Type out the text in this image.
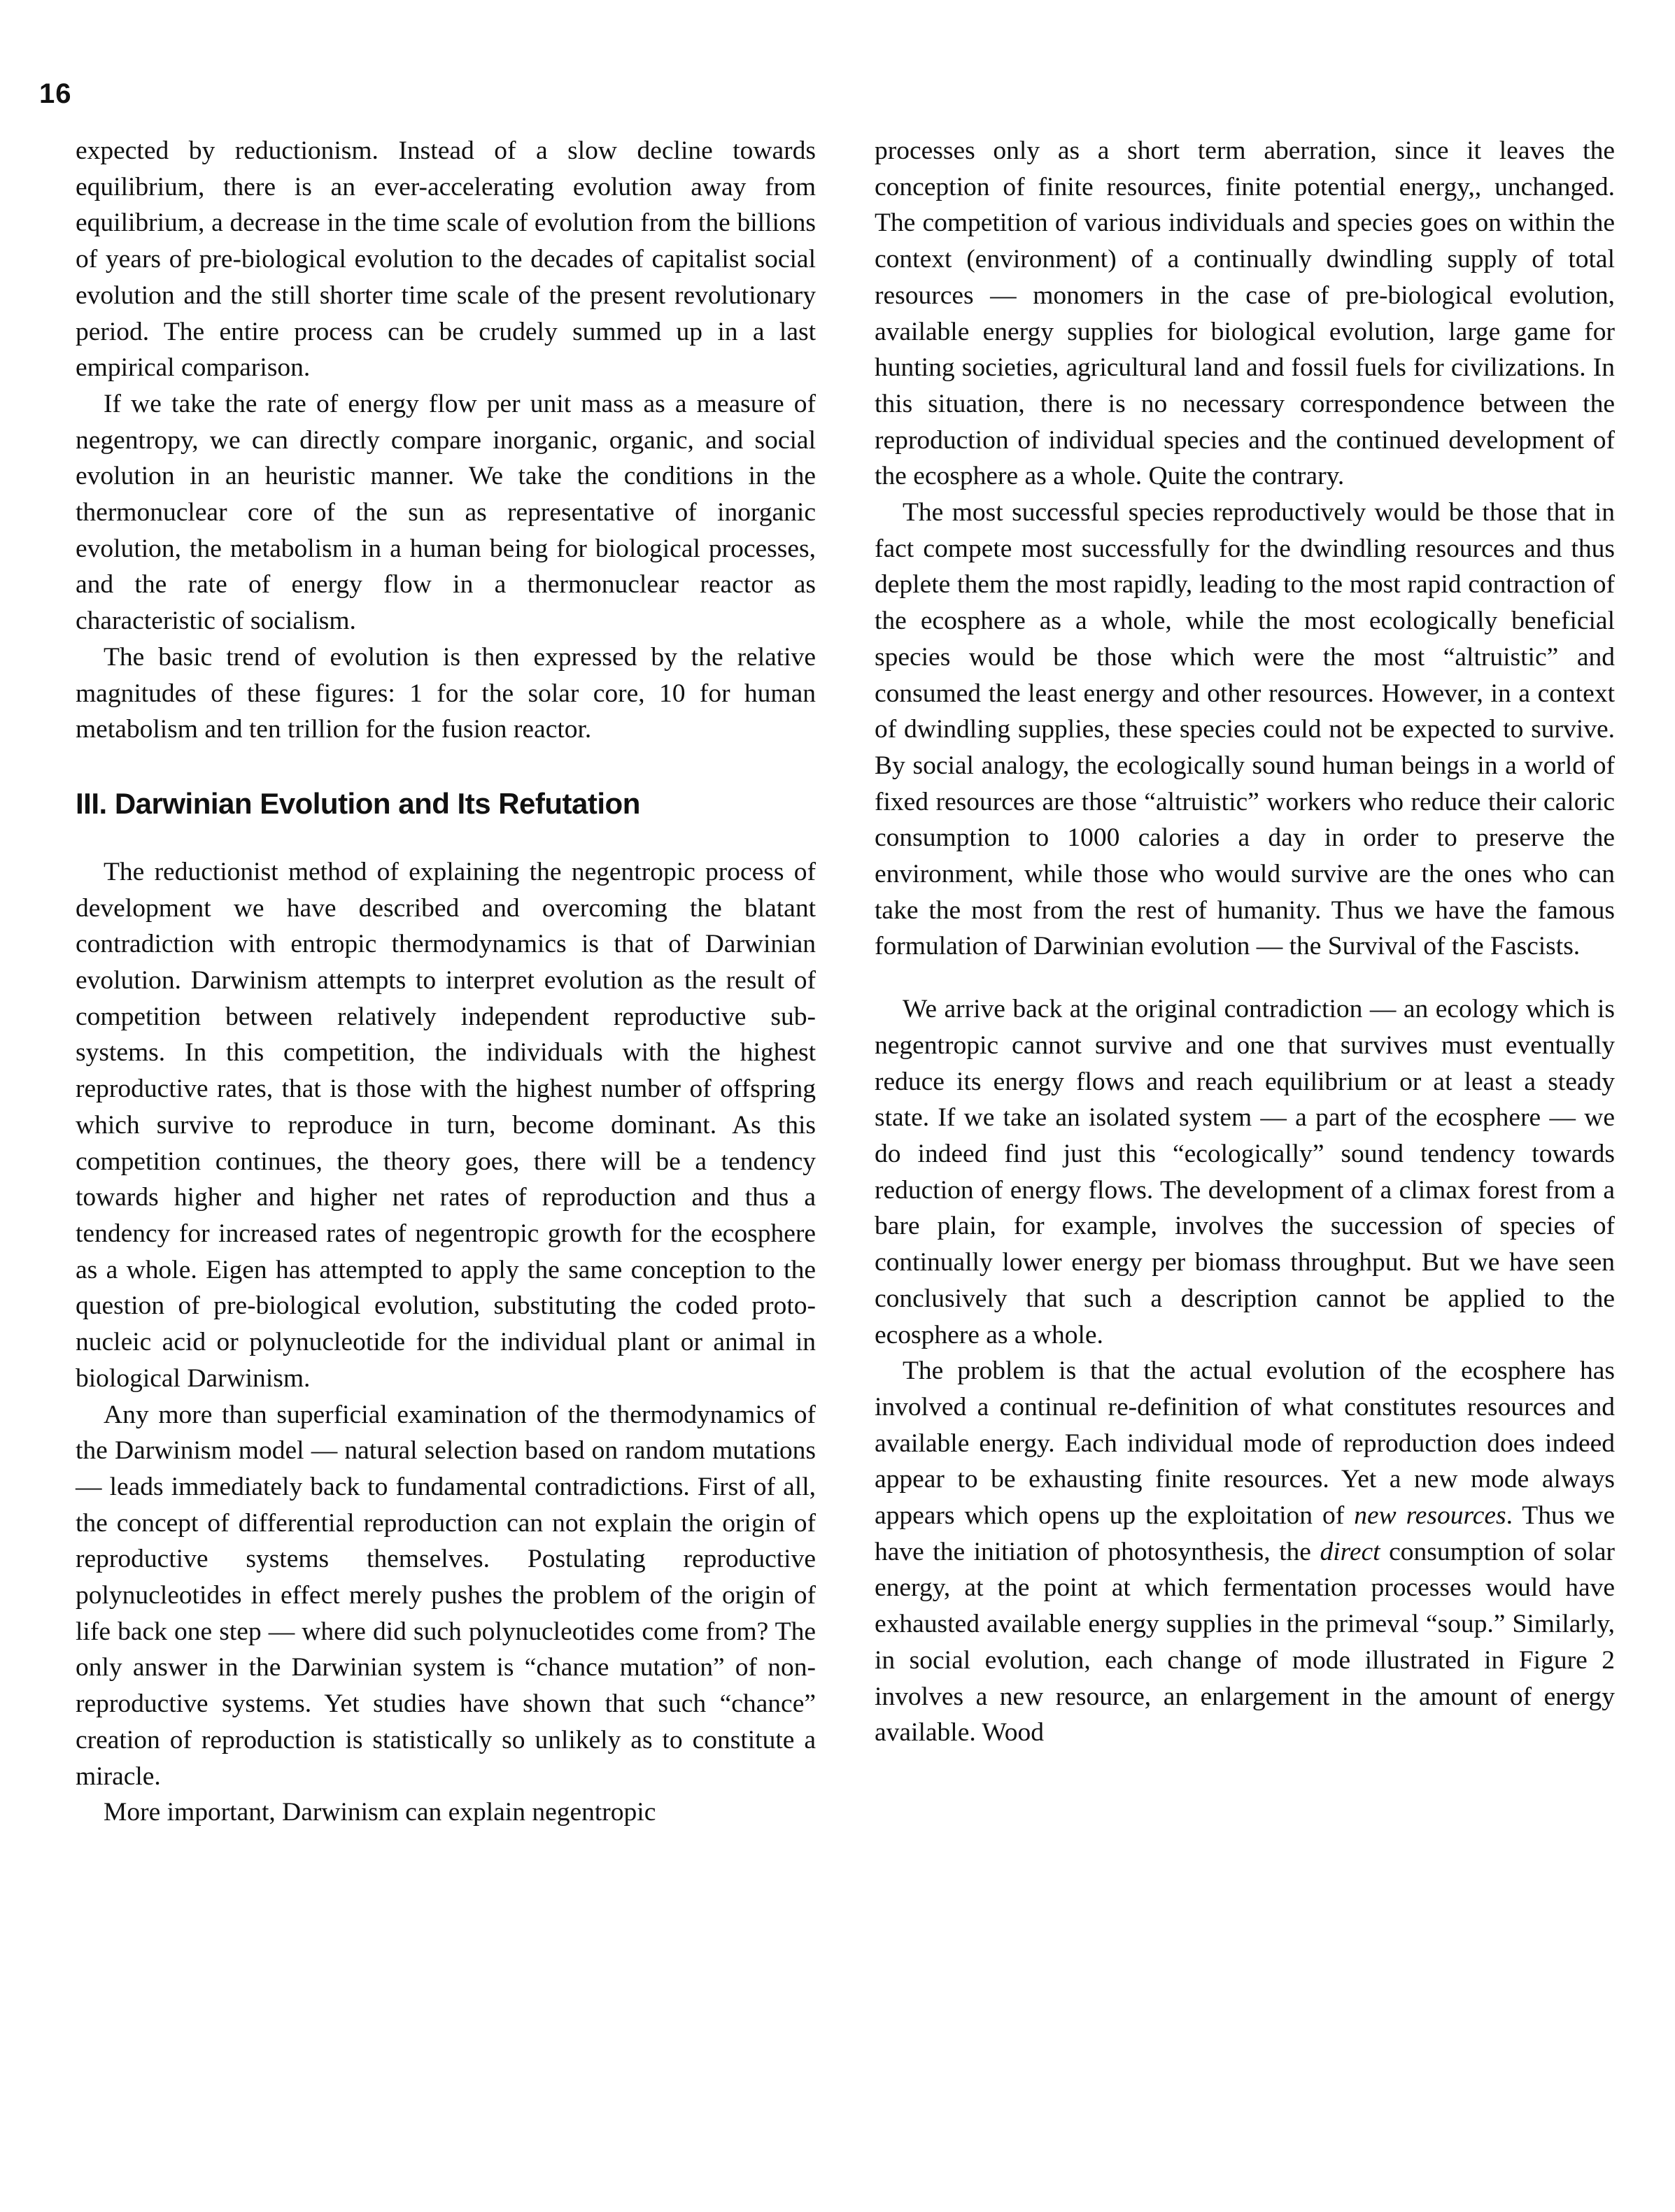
16

expected by reductionism. Instead of a slow decline towards equilibrium, there is an ever-accelerating evolution away from equilibrium, a decrease in the time scale of evolution from the billions of years of pre-biological evolution to the decades of capitalist social evolution and the still shorter time scale of the present revolutionary period. The entire process can be crudely summed up in a last empirical comparison.

If we take the rate of energy flow per unit mass as a measure of negentropy, we can directly compare inorganic, organic, and social evolution in an heuristic manner. We take the conditions in the thermonuclear core of the sun as representative of inorganic evolution, the metabolism in a human being for biological processes, and the rate of energy flow in a thermonuclear reactor as characteristic of socialism.

The basic trend of evolution is then expressed by the relative magnitudes of these figures: 1 for the solar core, 10 for human metabolism and ten trillion for the fusion reactor.

III. Darwinian Evolution and Its Refutation

The reductionist method of explaining the negentropic process of development we have described and overcoming the blatant contradiction with entropic thermodynamics is that of Darwinian evolution. Darwinism attempts to interpret evolution as the result of competition between relatively independent reproductive sub-systems. In this competition, the individuals with the highest reproductive rates, that is those with the highest number of offspring which survive to reproduce in turn, become dominant. As this competition continues, the theory goes, there will be a tendency towards higher and higher net rates of reproduction and thus a tendency for increased rates of negentropic growth for the ecosphere as a whole. Eigen has attempted to apply the same conception to the question of pre-biological evolution, substituting the coded proto-nucleic acid or polynucleotide for the individual plant or animal in biological Darwinism.

Any more than superficial examination of the thermodynamics of the Darwinism model — natural selection based on random mutations — leads immediately back to fundamental contradictions. First of all, the concept of differential reproduction can not explain the origin of reproductive systems themselves. Postulating reproductive polynucleotides in effect merely pushes the problem of the origin of life back one step — where did such polynucleotides come from? The only answer in the Darwinian system is “chance mutation” of non-reproductive systems. Yet studies have shown that such “chance” creation of reproduction is statistically so unlikely as to constitute a miracle.

More important, Darwinism can explain negentropic

processes only as a short term aberration, since it leaves the conception of finite resources, finite potential energy,, unchanged. The competition of various individuals and species goes on within the context (environment) of a continually dwindling supply of total resources — monomers in the case of pre-biological evolution, available energy supplies for biological evolution, large game for hunting societies, agricultural land and fossil fuels for civilizations. In this situation, there is no necessary correspondence between the reproduction of individual species and the continued development of the ecosphere as a whole. Quite the contrary.

The most successful species reproductively would be those that in fact compete most successfully for the dwindling resources and thus deplete them the most rapidly, leading to the most rapid contraction of the ecosphere as a whole, while the most ecologically beneficial species would be those which were the most “altruistic” and consumed the least energy and other resources. However, in a context of dwindling supplies, these species could not be expected to survive. By social analogy, the ecologically sound human beings in a world of fixed resources are those “altruistic” workers who reduce their caloric consumption to 1000 calories a day in order to preserve the environment, while those who would survive are the ones who can take the most from the rest of humanity. Thus we have the famous formulation of Darwinian evolution — the Survival of the Fascists.

We arrive back at the original contradiction — an ecology which is negentropic cannot survive and one that survives must eventually reduce its energy flows and reach equilibrium or at least a steady state. If we take an isolated system — a part of the ecosphere — we do indeed find just this “ecologically” sound tendency towards reduction of energy flows. The development of a climax forest from a bare plain, for example, involves the succession of species of continually lower energy per biomass throughput. But we have seen conclusively that such a description cannot be applied to the ecosphere as a whole.

The problem is that the actual evolution of the ecosphere has involved a continual re-definition of what constitutes resources and available energy. Each individual mode of reproduction does indeed appear to be exhausting finite resources. Yet a new mode always appears which opens up the exploitation of new resources. Thus we have the initiation of photosynthesis, the direct consumption of solar energy, at the point at which fermentation processes would have exhausted available energy supplies in the primeval “soup.” Similarly, in social evolution, each change of mode illustrated in Figure 2 involves a new resource, an enlargement in the amount of energy available. Wood
